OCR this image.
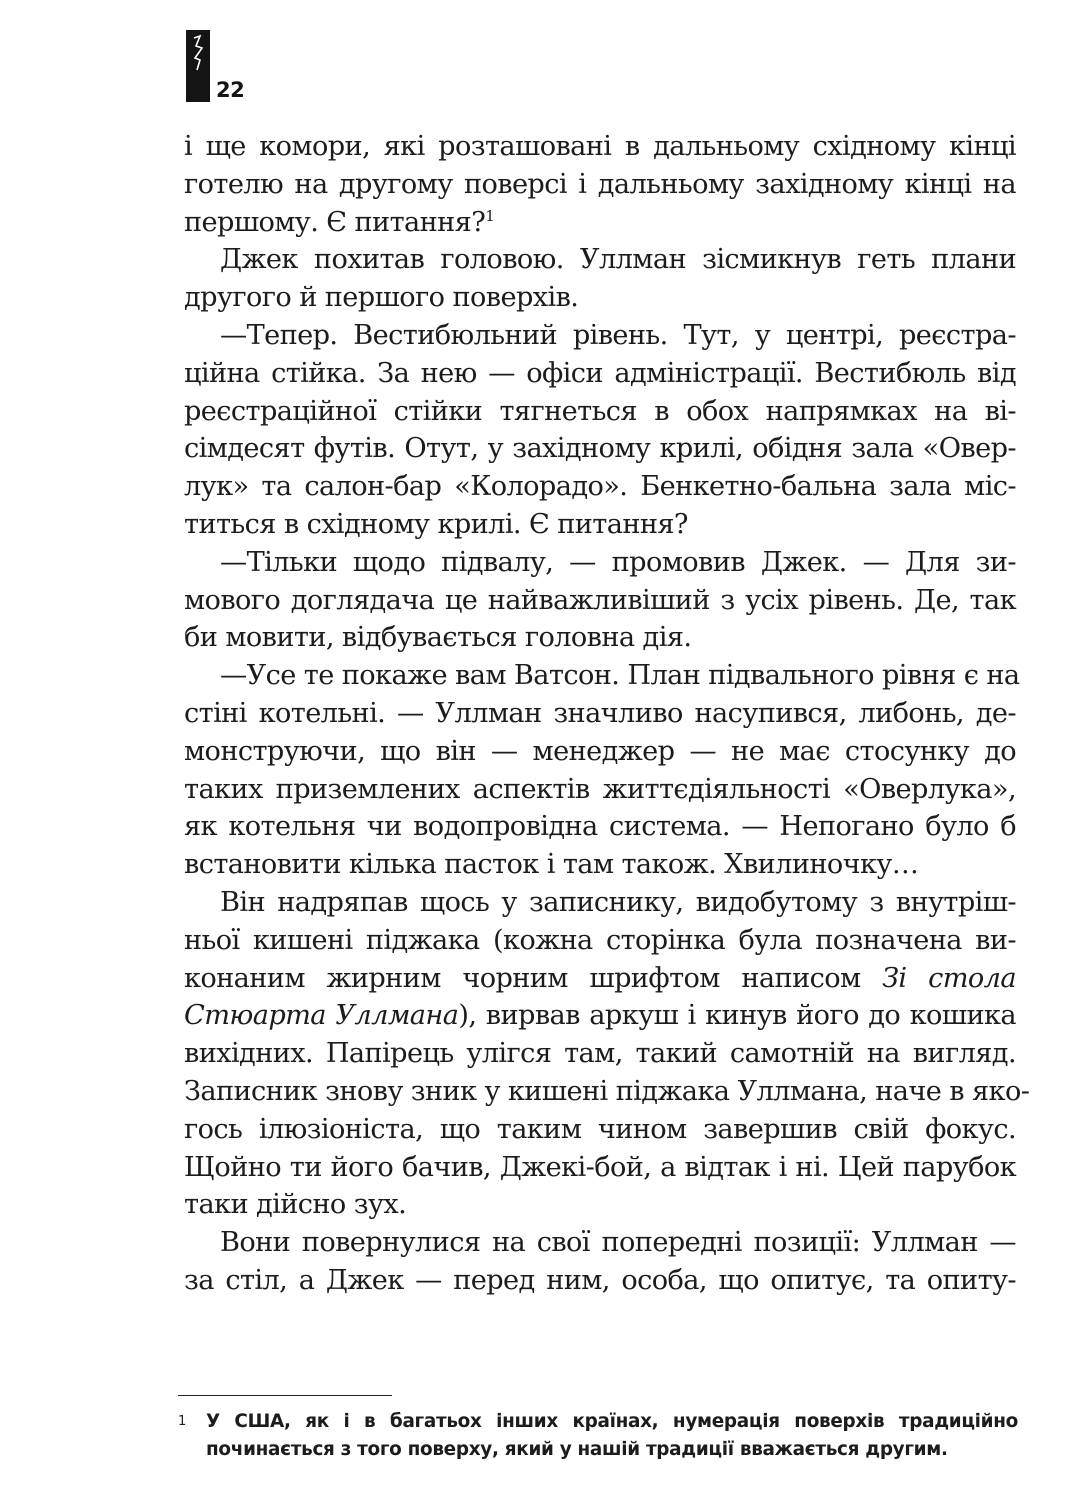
22
і ще комори, які розташовані в дальньому східному кінці
готелю на другому поверсі і дальньому західному кінці на
першому. Є питання?$^1$
Джек похитав головою. Уллман зісмикнув геть плани
другого й першого поверхів.
—Тепер. Вестибюльний рівень. Тут, у центрі, реєстра-
ційна стійка. За нею — офіси адміністрації. Вестибюль від
реєстраційної стійки тягнеться в обох напрямках на ві-
сімдесят футів. Отут, у західному крилі, обідня зала «Овер-
лук» та салон-бар «Колорадо». Бенкетно-бальна зала міс-
титься в східному крилі. Є питання?
—Тільки щодо підвалу, — промовив Джек. — Для зи-
мового доглядача це найважливіший з усіх рівень. Де, так
би мовити, відбувається головна дія.
—Усе те покаже вам Ватсон. План підвального рівня є на
стіні котельні. — Уллман значливо насупився, либонь, де-
монструючи, що він — менеджер — не має стосунку до
таких приземлених аспектів життєдіяльності «Оверлука»,
як котельня чи водопровідна система. — Непогано було б
встановити кілька пасток і там також. Хвилиночку…
Він надряпав щось у записнику, видобутому з внутріш-
ньої кишені піджака (кожна сторінка була позначена ви-
конаним жирним чорним шрифтом написом Зі стола
Стюарта Уллмана), вирвав аркуш і кинув його до кошика
вихідних. Папірець улігся там, такий самотній на вигляд.
Записник знову зник у кишені піджака Уллмана, наче в яко-
гось ілюзіоніста, що таким чином завершив свій фокус.
Щойно ти його бачив, Джекі-бой, а відтак і ні. Цей парубок
таки дійсно зух.
Вони повернулися на свої попередні позиції: Уллман —
за стіл, а Джек — перед ним, особа, що опитує, та опиту-
1 У США, як і в багатьох інших країнах, нумерація поверхів традиційно
починається з того поверху, який у нашій традиції вважається другим.
